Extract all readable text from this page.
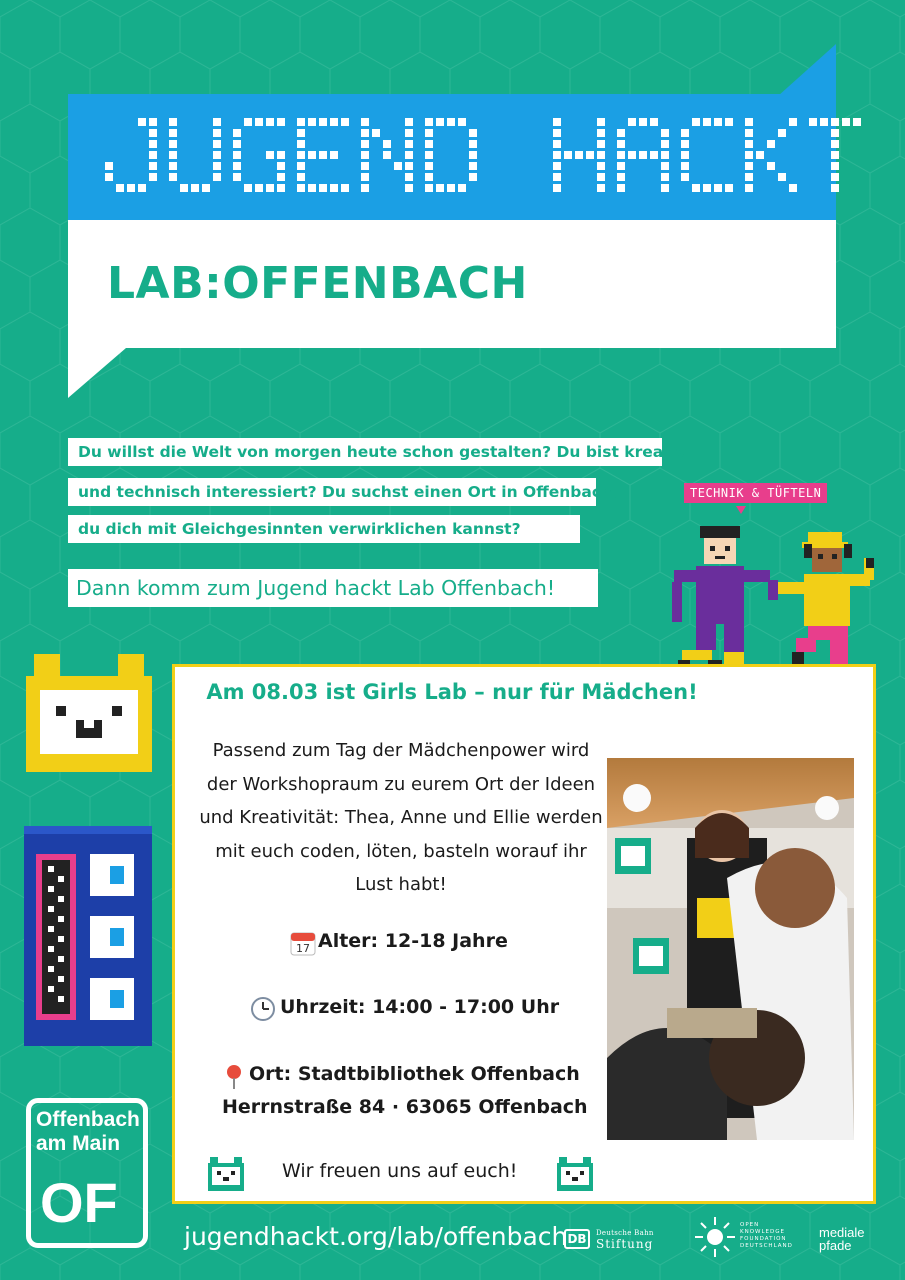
JUGEND HACKT
LAB:OFFENBACH
Du willst die Welt von morgen heute schon gestalten? Du bist kreativ
und technisch interessiert? Du suchst einen Ort in Offenbach,
du dich mit Gleichgesinnten verwirklichen kannst?
Dann komm zum Jugend hackt Lab Offenbach!
TECHNIK & TÜFTELN
Am 08.03 ist Girls Lab – nur für Mädchen!
Passend zum Tag der Mädchenpower wird der Workshopraum zu eurem Ort der Ideen und Kreativität: Thea, Anne und Ellie werden mit euch coden, löten, basteln worauf ihr Lust habt!
17 Alter: 12-18 Jahre
Uhrzeit: 14:00 - 17:00 Uhr
Ort: Stadtbibliothek Offenbach
Herrnstraße 84 · 63065 Offenbach
Wir freuen uns auf euch!
Offenbach am Main
OF
jugendhackt.org/lab/offenbach DB	Deutsche Bahn
Stiftung
OPEN
KNOWLEDGE
FOUNDATION
DEUTSCHLAND
mediale
pfade
